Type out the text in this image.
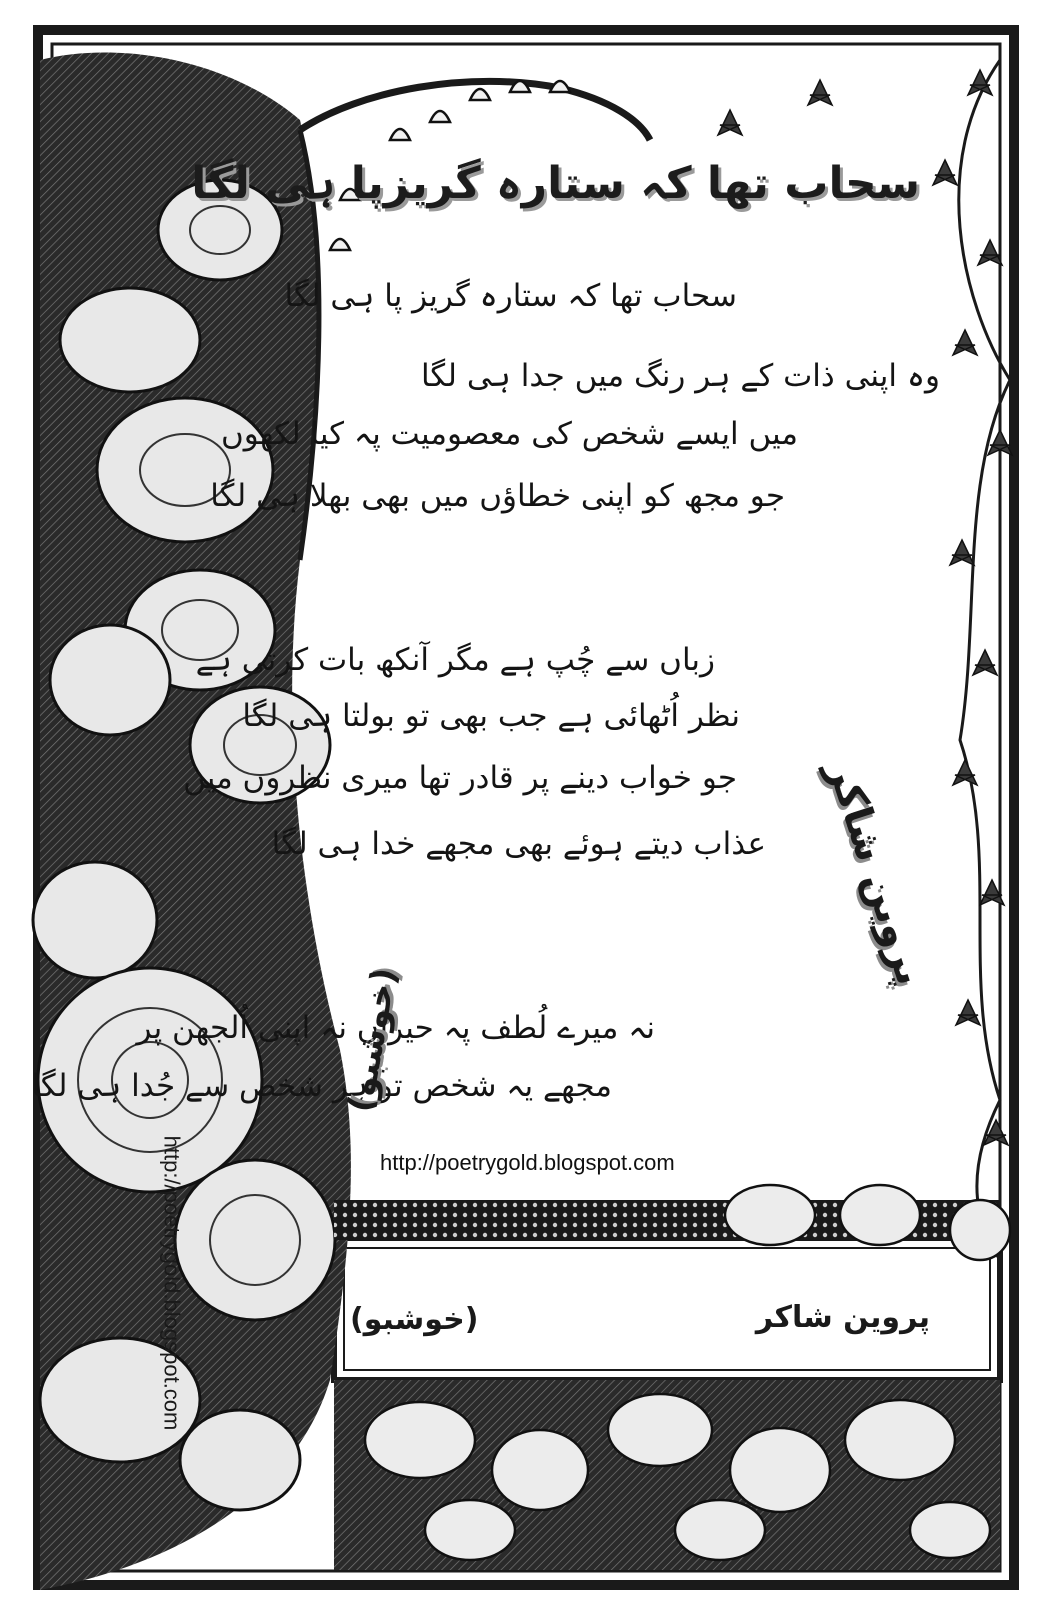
سحاب تھا کہ ستارہ گریزپا ہی لگا
سحاب تھا کہ ستارہ گریز پا ہی لگا
وہ اپنی ذات کے ہر رنگ میں جدا ہی لگا
میں ایسے شخص کی معصومیت پہ کیا لکھوں
جو مجھ کو اپنی خطاؤں میں بھی بھلا ہی لگا
زباں سے چُپ ہے مگر آنکھ بات کرتی ہے
نظر اُٹھائی ہے جب بھی تو بولتا ہی لگا
جو خواب دینے پر قادر تھا میری نظروں میں
عذاب دیتے ہوئے بھی مجھے خدا ہی لگا
نہ میرے لُطف پہ حیراں نہ اپنی اُلجھن پر
مجھے یہ شخص تو ہر شخص سے جُدا ہی لگا
پروین شاکر
(خوشبو)
http://poetrygold.blogspot.com
http://poetrygold.blogspot.com	پروین شاکر
(خوشبو)
